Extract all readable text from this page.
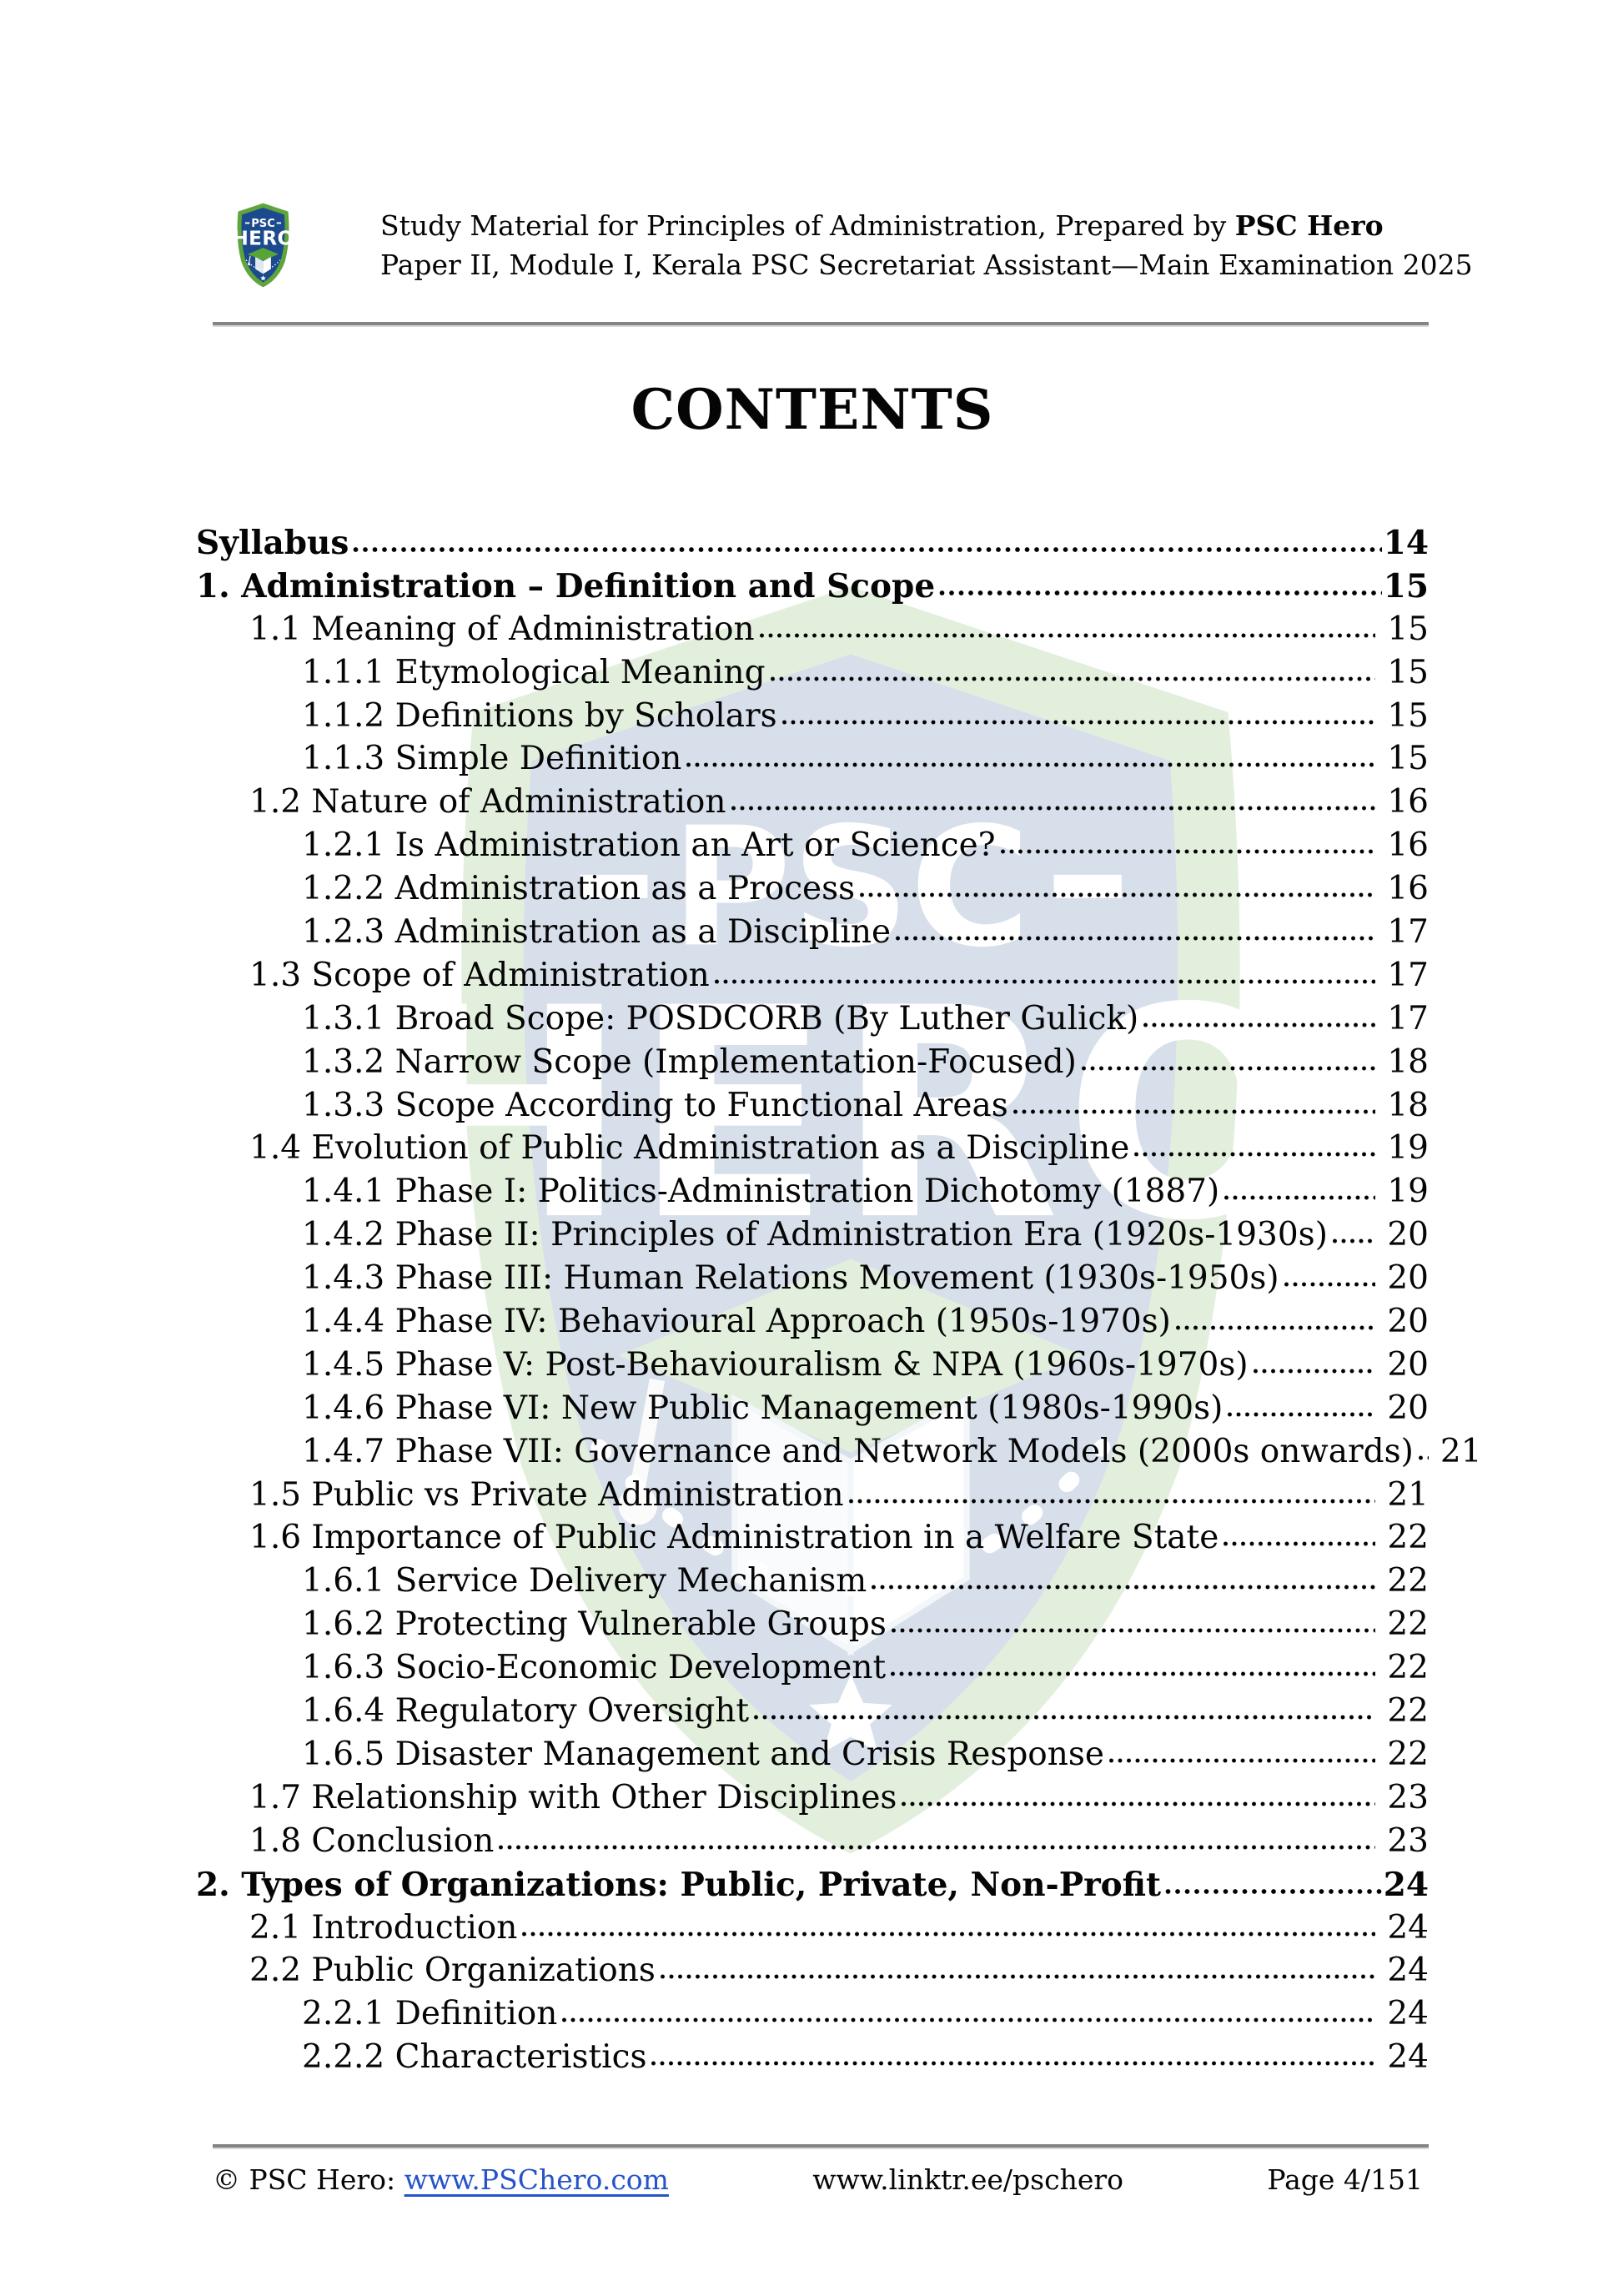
Study Material for Principles of Administration, Prepared by PSC Hero
Paper II, Module I, Kerala PSC Secretariat Assistant—Main Examination 2025
CONTENTS
Syllabus	14
1. Administration – Definition and Scope	15
1.1 Meaning of Administration	15
1.1.1 Etymological Meaning	15
1.1.2 Definitions by Scholars	15
1.1.3 Simple Definition	15
1.2 Nature of Administration	16
1.2.1 Is Administration an Art or Science?	16
1.2.2 Administration as a Process	16
1.2.3 Administration as a Discipline	17
1.3 Scope of Administration	17
1.3.1 Broad Scope: POSDCORB (By Luther Gulick)	17
1.3.2 Narrow Scope (Implementation-Focused)	18
1.3.3 Scope According to Functional Areas	18
1.4 Evolution of Public Administration as a Discipline	19
1.4.1 Phase I: Politics-Administration Dichotomy (1887)	19
1.4.2 Phase II: Principles of Administration Era (1920s-1930s) 20
1.4.3 Phase III: Human Relations Movement (1930s-1950s)	20
1.4.4 Phase IV: Behavioural Approach (1950s-1970s)	20
1.4.5 Phase V: Post-Behaviouralism & NPA (1960s-1970s)	20
1.4.6 Phase VI: New Public Management (1980s-1990s)	20
1.4.7 Phase VII: Governance and Network Models (2000s onwards) 21
1.5 Public vs Private Administration	21
1.6 Importance of Public Administration in a Welfare State	22
1.6.1 Service Delivery Mechanism	22
1.6.2 Protecting Vulnerable Groups	22
1.6.3 Socio-Economic Development	22
1.6.4 Regulatory Oversight	22
1.6.5 Disaster Management and Crisis Response	22
1.7 Relationship with Other Disciplines	23
1.8 Conclusion	23
2. Types of Organizations: Public, Private, Non-Profit	24
2.1 Introduction	24
2.2 Public Organizations	24
2.2.1 Definition	24
2.2.2 Characteristics	24
© PSC Hero: www.PSChero.com	www.linktr.ee/pschero	Page 4/151
